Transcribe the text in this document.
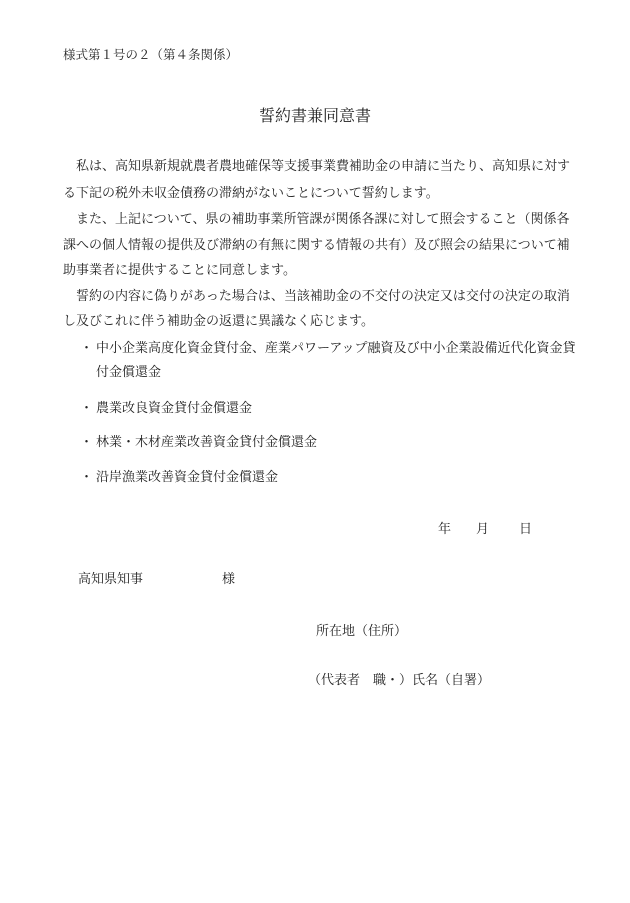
様式第１号の２（第４条関係）
誓約書兼同意書
　私は、高知県新規就農者農地確保等支援事業費補助金の申請に当たり、高知県に対す
る下記の税外未収金債務の滞納がないことについて誓約します。
　また、上記について、県の補助事業所管課が関係各課に対して照会すること（関係各
課への個人情報の提供及び滞納の有無に関する情報の共有）及び照会の結果について補
助事業者に提供することに同意します。
　誓約の内容に偽りがあった場合は、当該補助金の不交付の決定又は交付の決定の取消
し及びこれに伴う補助金の返還に異議なく応じます。
・ 中小企業高度化資金貸付金、産業パワーアップ融資及び中小企業設備近代化資金貸
付金償還金
・ 農業改良資金貸付金償還金
・ 林業・木材産業改善資金貸付金償還金
・ 沿岸漁業改善資金貸付金償還金
年 月 日
高知県知事	様
所在地（住所）
（代表者　職・）氏名（自署）
